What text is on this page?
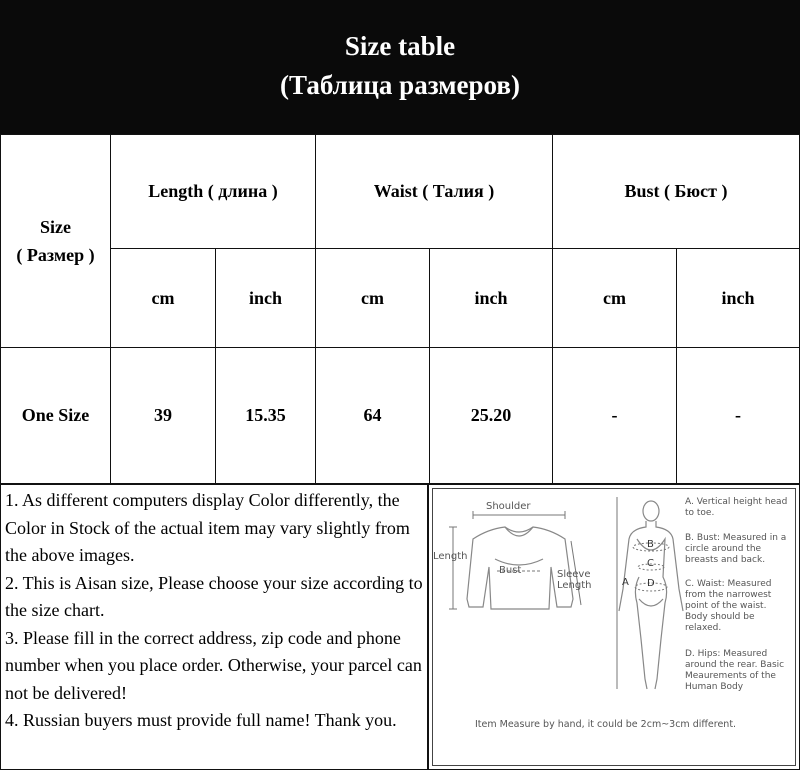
Size table
(Таблица размеров)
Size
( Размер )
Length ( длина )	Waist ( Талия )	Bust ( Бюст )
cm	inch	cm	inch	cm	inch
One Size	39	15.35	64	25.20	-	-

1. As different computers display Color differently, the Color in Stock of the actual item may vary slightly from the above images.

2. This is Aisan size, Please choose your size according to the size chart.

3. Please fill in the correct address, zip code and phone number when you place order. Otherwise, your parcel can not be delivered!

4. Russian buyers must provide full name! Thank you.

Shoulder
Length
Bust	Sleeve
Length	A
B
C
D
A. Vertical height head to toe.
B. Bust: Measured in a circle around the breasts and back.
C. Waist: Measured from the narrowest point of the waist. Body should be relaxed.
D. Hips: Measured around the rear. Basic Meaurements of the Human Body
Item Measure by hand, it could be 2cm~3cm different.
